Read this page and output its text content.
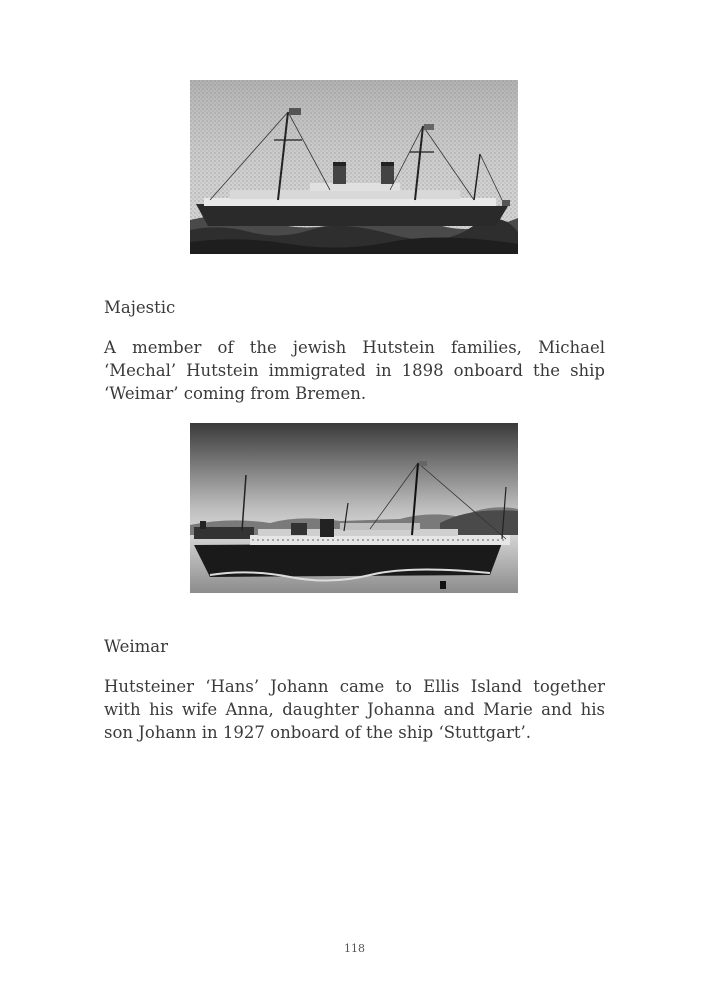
Majestic

A member of the jewish Hutstein families, Michael ‘Mechal’ Hutstein immigrated in 1898 onboard the ship ‘Weimar’ coming from Bremen.

Weimar

Hutsteiner ‘Hans’ Johann came to Ellis Island together with his wife Anna, daughter Johanna and Marie and his son Johann in 1927 onboard of the ship ‘Stuttgart’.

118
